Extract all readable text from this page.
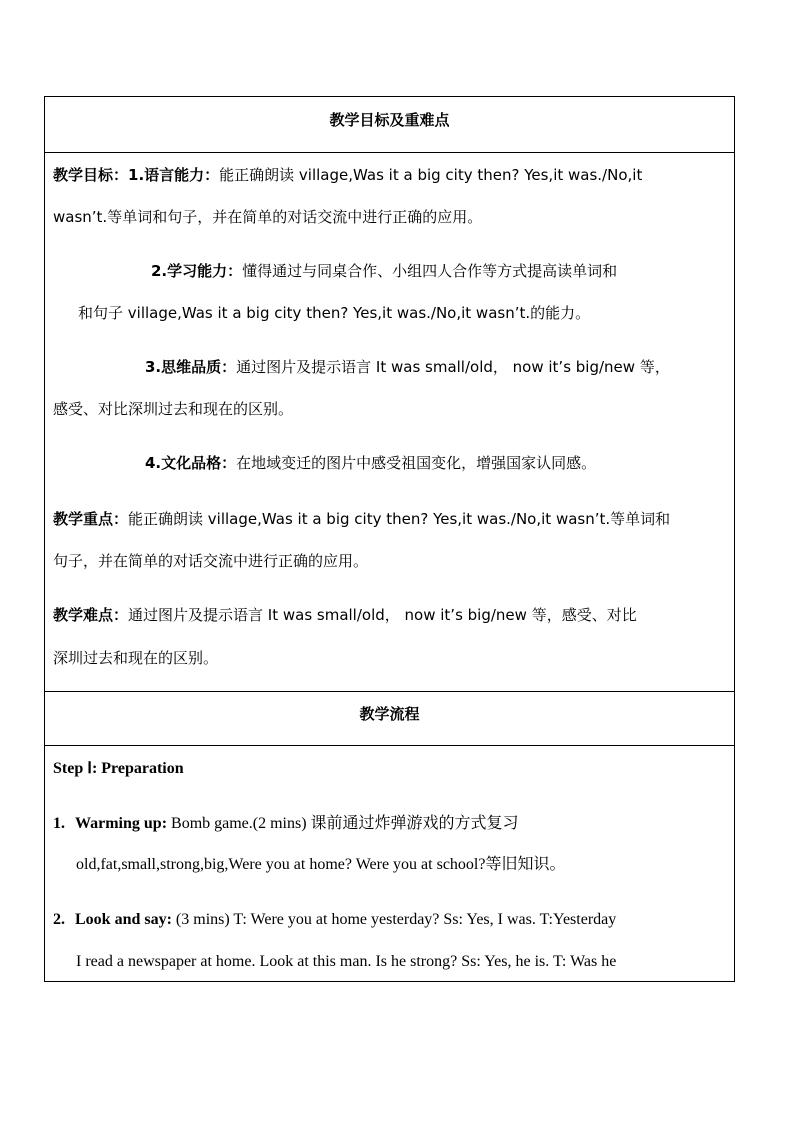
教学目标及重难点
教学目标：1.语言能力：能正确朗读 village,Was it a big city then? Yes,it was./No,it
wasn’t.等单词和句子，并在简单的对话交流中进行正确的应用。
2.学习能力：懂得通过与同桌合作、小组四人合作等方式提高读单词和
和句子 village,Was it a big city then? Yes,it was./No,it wasn’t.的能力。
3.思维品质：通过图片及提示语言 It was small/old， now it’s big/new 等，
感受、对比深圳过去和现在的区别。
4.文化品格：在地域变迁的图片中感受祖国变化，增强国家认同感。
教学重点：能正确朗读 village,Was it a big city then? Yes,it was./No,it wasn’t.等单词和
句子，并在简单的对话交流中进行正确的应用。
教学难点：通过图片及提示语言 It was small/old， now it’s big/new 等，感受、对比
深圳过去和现在的区别。
教学流程
Step Ⅰ: Preparation
1. Warming up: Bomb game.(2 mins) 课前通过炸弹游戏的方式复习
old,fat,small,strong,big,Were you at home? Were you at school?等旧知识。
2. Look and say: (3 mins) T: Were you at home yesterday? Ss: Yes, I was. T:Yesterday
I read a newspaper at home. Look at this man. Is he strong? Ss: Yes, he is. T: Was he
